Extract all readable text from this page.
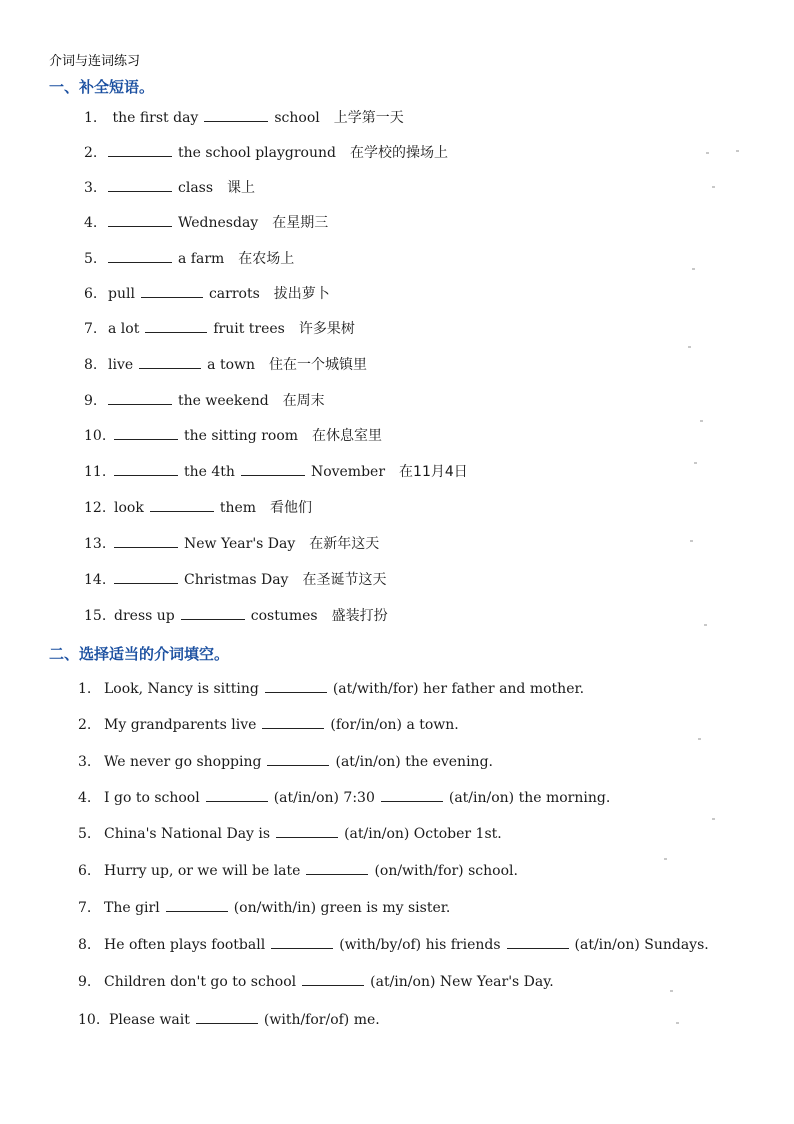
介词与连词练习
一、补全短语。
1. the first day	school 上学第一天
2.	the school playground 在学校的操场上
3.	class 课上
4.	Wednesday 在星期三
5.	a farm 在农场上
6. pull	carrots 拔出萝卜
7. a lot	fruit trees 许多果树
8. live	a town 住在一个城镇里
9.	the weekend 在周末
10.	the sitting room 在休息室里
11.	the 4th	November 在11月4日
12. look	them 看他们
13.	New Year's Day 在新年这天
14.	Christmas Day 在圣诞节这天
15. dress up	costumes 盛装打扮
二、选择适当的介词填空。
1. Look, Nancy is sitting	(at/with/for) her father and mother.
2. My grandparents live	(for/in/on) a town.
3. We never go shopping	(at/in/on) the evening.
4. I go to school	(at/in/on) 7:30	(at/in/on) the morning.
5. China's National Day is	(at/in/on) October 1st.
6. Hurry up, or we will be late	(on/with/for) school.
7. The girl	(on/with/in) green is my sister.
8. He often plays football	(with/by/of) his friends	(at/in/on) Sundays.
9. Children don't go to school	(at/in/on) New Year's Day.
10. Please wait	(with/for/of) me.
